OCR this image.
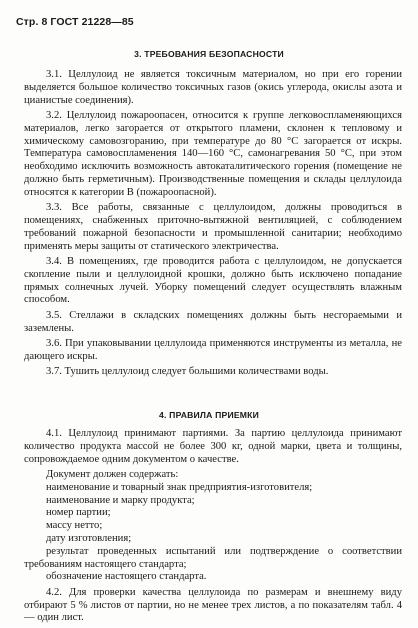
Стр. 8 ГОСТ 21228—85
3. ТРЕБОВАНИЯ БЕЗОПАСНОСТИ

3.1. Целлулоид не является токсичным материалом, но при его горении выделяется большое количество токсичных газов (окись углерода, окислы азота и цианистые соединения).

3.2. Целлулоид пожароопасен, относится к группе легковоспламеняющихся материалов, легко загорается от открытого пламени, склонен к тепловому и химическому самовозгоранию, при температуре до 80 °С загорается от искры. Температура самовоспламенения 140—160 °С, самонагревания 50 °С, при этом необходимо исключить возможность автокаталитического горения (помещение не должно быть герметичным). Производственные помещения и склады целлулоида относятся к категории В (пожароопасной).

3.3. Все работы, связанные с целлулоидом, должны проводиться в помещениях, снабженных приточно-вытяжной вентиляцией, с соблюдением требований пожарной безопасности и промышленной санитарии; необходимо применять меры защиты от статического электричества.

3.4. В помещениях, где проводится работа с целлулоидом, не допускается скопление пыли и целлулоидной крошки, должно быть исключено попадание прямых солнечных лучей. Уборку помещений следует осуществлять влажным способом.

3.5. Стеллажи в складских помещениях должны быть несгораемыми и заземлены.

3.6. При упаковывании целлулоида применяются инструменты из металла, не дающего искры.

3.7. Тушить целлулоид следует большими количествами воды.

4. ПРАВИЛА ПРИЕМКИ

4.1. Целлулоид принимают партиями. За партию целлулоида принимают количество продукта массой не более 300 кг, одной марки, цвета и толщины, сопровождаемое одним документом о качестве.

Документ должен содержать:

наименование и товарный знак предприятия-изготовителя;

наименование и марку продукта;

номер партии;

массу нетто;

дату изготовления;

результат проведенных испытаний или подтверждение о соответствии требованиям настоящего стандарта;

обозначение настоящего стандарта.

4.2. Для проверки качества целлулоида по размерам и внешнему виду отбирают 5 % листов от партии, но не менее трех листов, а по показателям табл. 4 — один лист.
